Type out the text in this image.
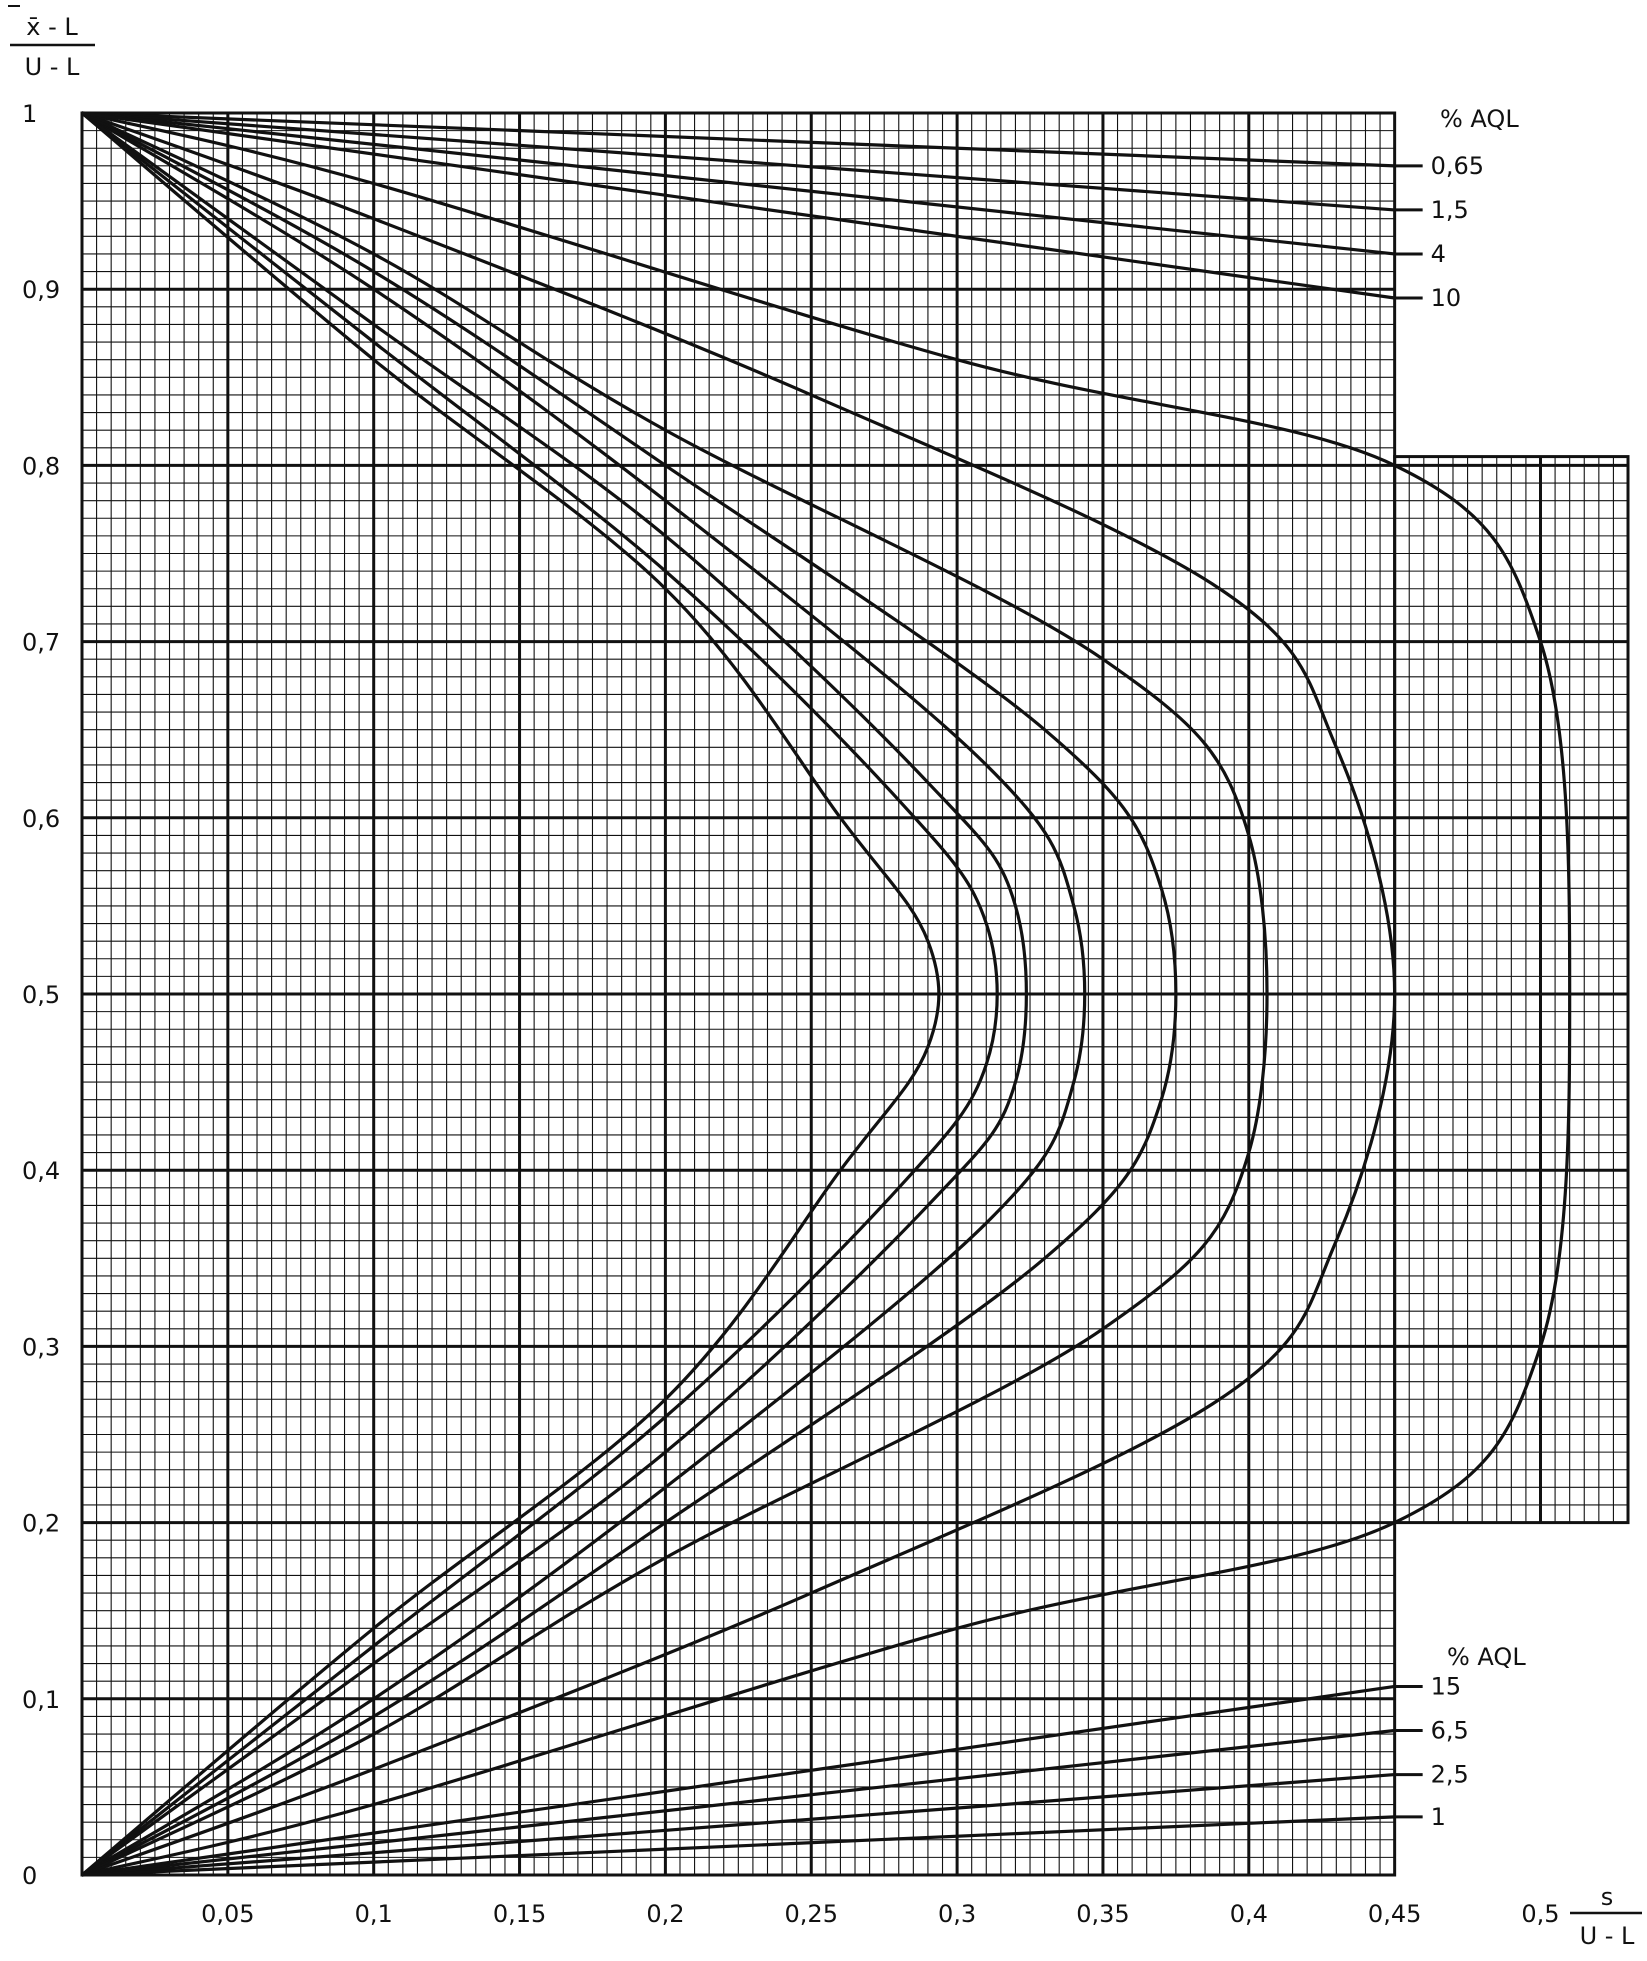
0,05	0,1	0,15	0,2	0,25	0,3	0,35	0,4	0,45	0,5
0
0,1
0,2
0,3
0,4
0,5
0,6
0,7
0,8
0,9
1
x̄ - L
U - L
s
U - L
% AQL
0,65
1,5
4
10
% AQL
15
6,5
2,5
1
